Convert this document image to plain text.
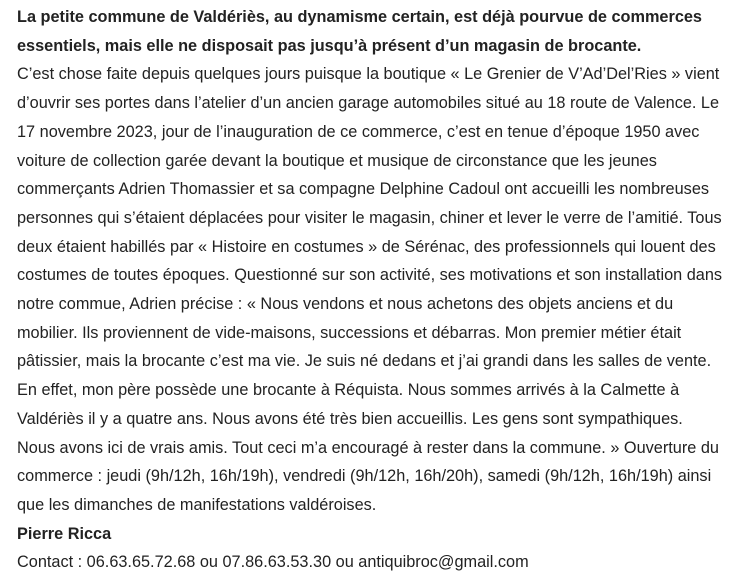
La petite commune de Valdériès, au dynamisme certain, est déjà pourvue de commerces essentiels, mais elle ne disposait pas jusqu’à présent d’un magasin de brocante.

C’est chose faite depuis quelques jours puisque la boutique « Le Grenier de V’Ad’Del’Ries » vient d’ouvrir ses portes dans l’atelier d’un ancien garage automobiles situé au 18 route de Valence. Le 17 novembre 2023, jour de l’inauguration de ce commerce, c’est en tenue d’époque 1950 avec voiture de collection garée devant la boutique et musique de circonstance que les jeunes commerçants Adrien Thomassier et sa compagne Delphine Cadoul ont accueilli les nombreuses personnes qui s’étaient déplacées pour visiter le magasin, chiner et lever le verre de l’amitié. Tous deux étaient habillés par « Histoire en costumes » de Sérénac, des professionnels qui louent des costumes de toutes époques. Questionné sur son activité, ses motivations et son installation dans notre commue, Adrien précise : « Nous vendons et nous achetons des objets anciens et du mobilier. Ils proviennent de vide-maisons, successions et débarras. Mon premier métier était pâtissier, mais la brocante c’est ma vie. Je suis né dedans et j’ai grandi dans les salles de vente. En effet, mon père possède une brocante à Réquista. Nous sommes arrivés à la Calmette à Valdériès il y a quatre ans. Nous avons été très bien accueillis. Les gens sont sympathiques. Nous avons ici de vrais amis. Tout ceci m’a encouragé à rester dans la commune. » Ouverture du commerce : jeudi (9h/12h, 16h/19h), vendredi (9h/12h, 16h/20h), samedi (9h/12h, 16h/19h) ainsi que les dimanches de manifestations valdéroises.

Pierre Ricca

Contact : 06.63.65.72.68 ou 07.86.63.53.30 ou antiquibroc@gmail.com
